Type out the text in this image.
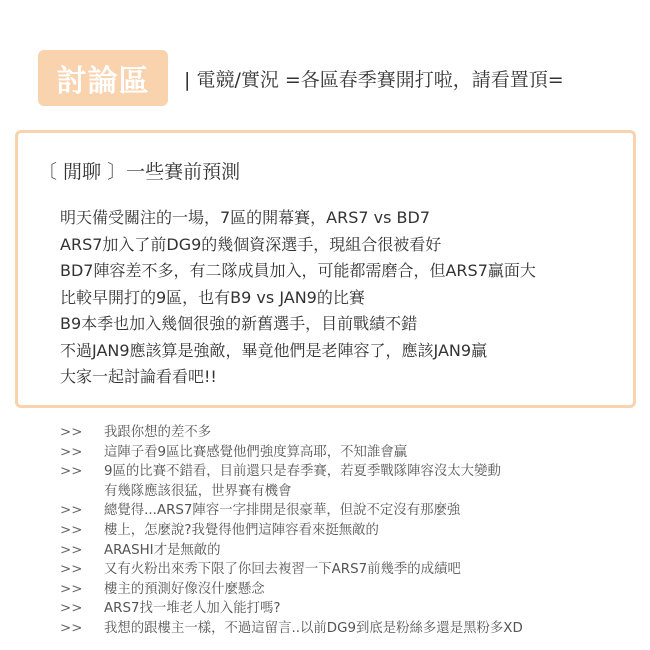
討論區	| 電競/實況 =各區春季賽開打啦，請看置頂=
〔 閒聊 〕一些賽前預測
明天備受關注的一場，7區的開幕賽，ARS7 vs BD7
ARS7加入了前DG9的幾個資深選手，現組合很被看好
BD7陣容差不多，有二隊成員加入，可能都需磨合，但ARS7贏面大
比較早開打的9區，也有B9 vs JAN9的比賽
B9本季也加入幾個很強的新舊選手，目前戰績不錯
不過JAN9應該算是強敵，畢竟他們是老陣容了，應該JAN9贏
大家一起討論看看吧!!
>>	我跟你想的差不多
>>	這陣子看9區比賽感覺他們強度算高耶，不知誰會贏
>>	9區的比賽不錯看，目前還只是春季賽，若夏季戰隊陣容沒太大變動
有幾隊應該很猛，世界賽有機會
>>	總覺得...ARS7陣容一字排開是很豪華，但說不定沒有那麼強
>>	樓上，怎麼說?我覺得他們這陣容看來挺無敵的
>>	ARASHI才是無敵的
>>	又有火粉出來秀下限了你回去複習一下ARS7前幾季的成績吧
>>	樓主的預測好像沒什麼懸念
>>	ARS7找一堆老人加入能打嗎?
>>	我想的跟樓主一樣，不過這留言..以前DG9到底是粉絲多還是黑粉多XD
